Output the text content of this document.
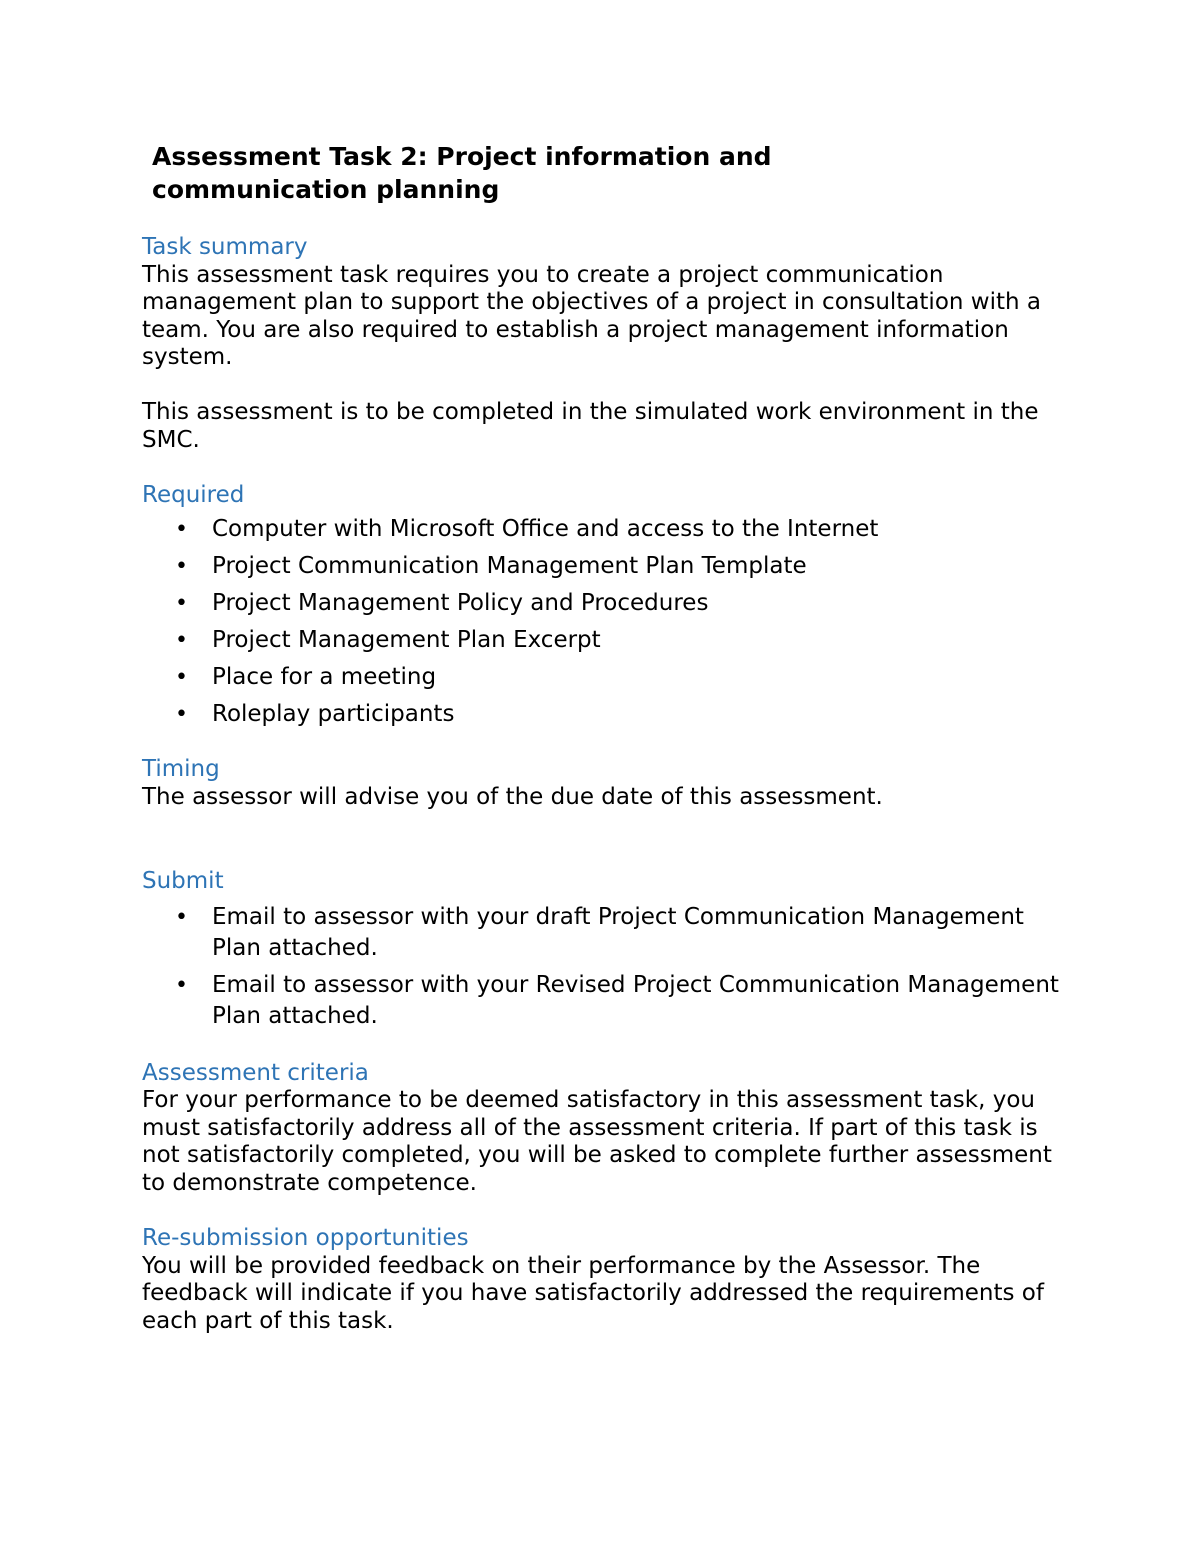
Assessment Task 2: Project information and communication planning
Task summary

This assessment task requires you to create a project communication management plan to support the objectives of a project in consultation with a team. You are also required to establish a project management information system.

This assessment is to be completed in the simulated work environment in the SMC.

Required
• Computer with Microsoft Office and access to the Internet
• Project Communication Management Plan Template
• Project Management Policy and Procedures
• Project Management Plan Excerpt
• Place for a meeting
• Roleplay participants
Timing

The assessor will advise you of the due date of this assessment.

Submit
• Email to assessor with your draft Project Communication Management Plan attached.
• Email to assessor with your Revised Project Communication Management Plan attached.
Assessment criteria

For your performance to be deemed satisfactory in this assessment task, you must satisfactorily address all of the assessment criteria. If part of this task is not satisfactorily completed, you will be asked to complete further assessment to demonstrate competence.

Re-submission opportunities

You will be provided feedback on their performance by the Assessor. The feedback will indicate if you have satisfactorily addressed the requirements of each part of this task.
